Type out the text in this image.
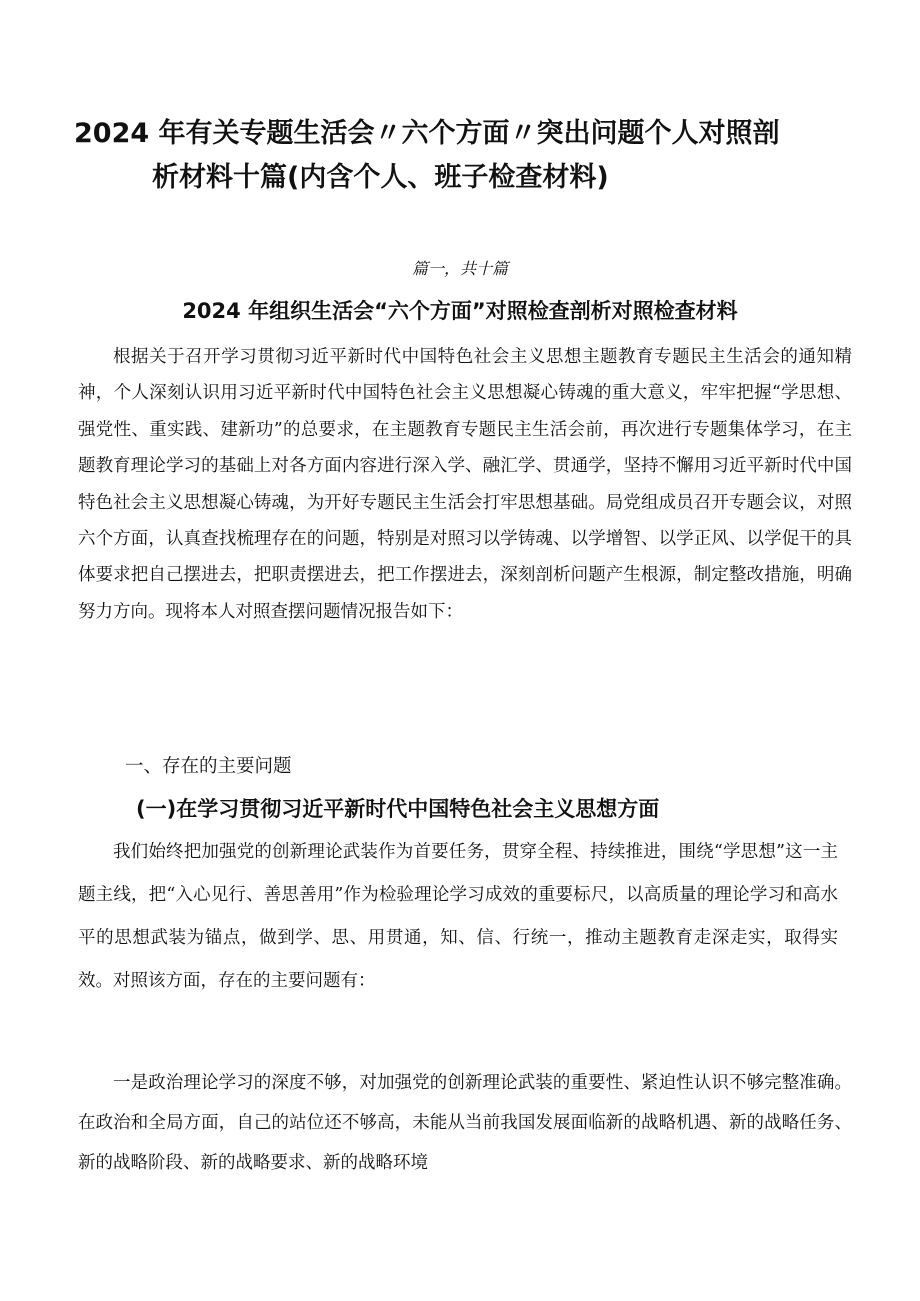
2024 年有关专题生活会〃六个方面〃突出问题个人对照剖
析材料十篇(内含个人、班子检查材料)
篇一，共十篇
2024 年组织生活会“六个方面”对照检查剖析对照检查材料

根据关于召开学习贯彻习近平新时代中国特色社会主义思想主题教育专题民主生活会的通知精神，个人深刻认识用习近平新时代中国特色社会主义思想凝心铸魂的重大意义，牢牢把握“学思想、强党性、重实践、建新功”的总要求，在主题教育专题民主生活会前，再次进行专题集体学习，在主题教育理论学习的基础上对各方面内容进行深入学、融汇学、贯通学，坚持不懈用习近平新时代中国特色社会主义思想凝心铸魂，为开好专题民主生活会打牢思想基础。局党组成员召开专题会议，对照六个方面，认真查找梳理存在的问题，特别是对照习以学铸魂、以学增智、以学正风、以学促干的具体要求把自己摆进去，把职责摆进去，把工作摆进去，深刻剖析问题产生根源，制定整改措施，明确努力方向。现将本人对照查摆问题情况报告如下：

一、存在的主要问题
(一)在学习贯彻习近平新时代中国特色社会主义思想方面

我们始终把加强党的创新理论武装作为首要任务，贯穿全程、持续推进，围绕“学思想”这一主题主线，把“入心见行、善思善用”作为检验理论学习成效的重要标尺，以高质量的理论学习和高水平的思想武装为锚点，做到学、思、用贯通，知、信、行统一，推动主题教育走深走实，取得实效。对照该方面，存在的主要问题有：

一是政治理论学习的深度不够，对加强党的创新理论武装的重要性、紧迫性认识不够完整准确。在政治和全局方面，自己的站位还不够高，未能从当前我国发展面临新的战略机遇、新的战略任务、新的战略阶段、新的战略要求、新的战略环境
